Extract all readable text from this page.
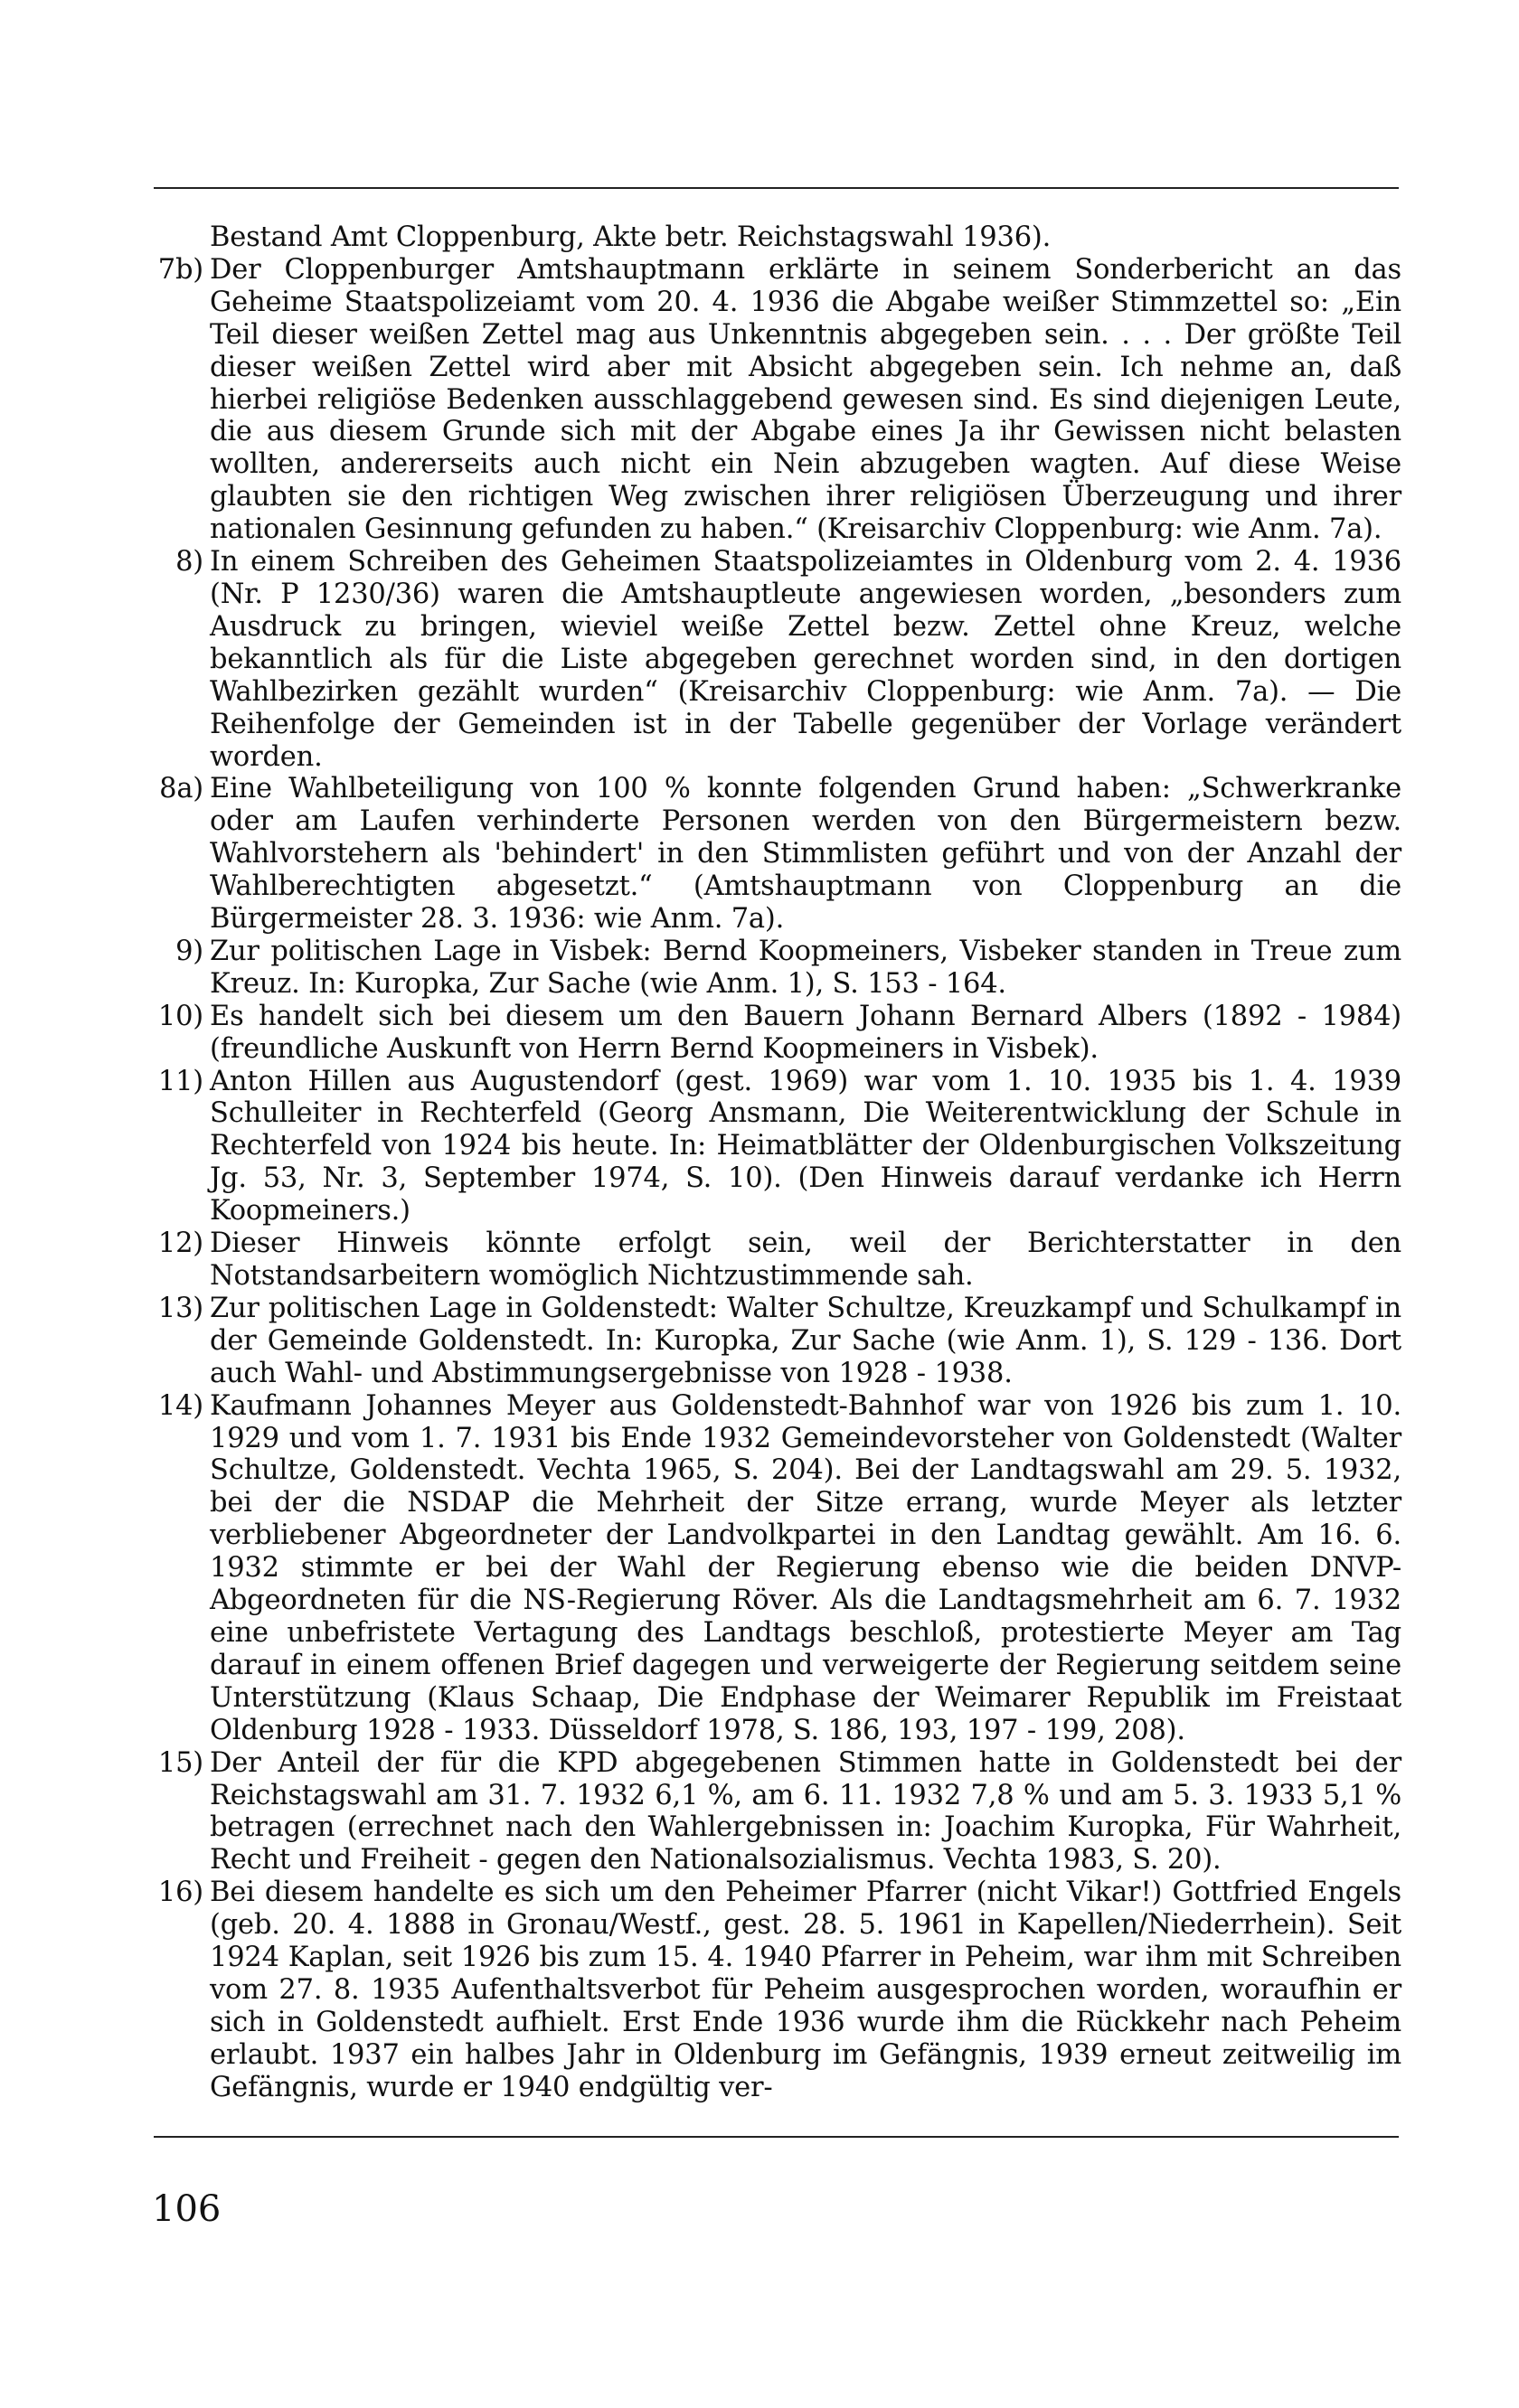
Bestand Amt Cloppenburg, Akte betr. Reichstagswahl 1936).
7b) Der Cloppenburger Amtshauptmann erklärte in seinem Sonderbericht an das Geheime Staatspolizeiamt vom 20. 4. 1936 die Abgabe weißer Stimmzettel so: „Ein Teil dieser weißen Zettel mag aus Unkenntnis abgegeben sein. . . . Der größte Teil dieser weißen Zettel wird aber mit Absicht abgegeben sein. Ich nehme an, daß hierbei religiöse Bedenken ausschlaggebend gewesen sind. Es sind diejenigen Leute, die aus diesem Grunde sich mit der Abgabe eines Ja ihr Gewissen nicht belasten wollten, andererseits auch nicht ein Nein abzugeben wagten. Auf diese Weise glaubten sie den richtigen Weg zwischen ihrer religiösen Überzeugung und ihrer nationalen Gesinnung gefunden zu haben.“ (Kreisarchiv Cloppenburg: wie Anm. 7a).
8) In einem Schreiben des Geheimen Staatspolizeiamtes in Oldenburg vom 2. 4. 1936 (Nr. P 1230/36) waren die Amtshauptleute angewiesen worden, „besonders zum Ausdruck zu bringen, wieviel weiße Zettel bezw. Zettel ohne Kreuz, welche bekanntlich als für die Liste abgegeben gerechnet worden sind, in den dortigen Wahlbezirken gezählt wurden“ (Kreisarchiv Cloppenburg: wie Anm. 7a). — Die Reihenfolge der Gemeinden ist in der Tabelle gegenüber der Vorlage verändert worden.
8a) Eine Wahlbeteiligung von 100 % konnte folgenden Grund haben: „Schwerkranke oder am Laufen verhinderte Personen werden von den Bürgermeistern bezw. Wahlvorstehern als 'behindert' in den Stimmlisten geführt und von der Anzahl der Wahlberechtigten abgesetzt.“ (Amtshauptmann von Cloppenburg an die Bürgermeister 28. 3. 1936: wie Anm. 7a).
9) Zur politischen Lage in Visbek: Bernd Koopmeiners, Visbeker standen in Treue zum Kreuz. In: Kuropka, Zur Sache (wie Anm. 1), S. 153 - 164.
10) Es handelt sich bei diesem um den Bauern Johann Bernard Albers (1892 - 1984) (freundliche Auskunft von Herrn Bernd Koopmeiners in Visbek).
11) Anton Hillen aus Augustendorf (gest. 1969) war vom 1. 10. 1935 bis 1. 4. 1939 Schulleiter in Rechterfeld (Georg Ansmann, Die Weiterentwicklung der Schule in Rechterfeld von 1924 bis heute. In: Heimatblätter der Oldenburgischen Volkszeitung Jg. 53, Nr. 3, September 1974, S. 10). (Den Hinweis darauf verdanke ich Herrn Koopmeiners.)
12) Dieser Hinweis könnte erfolgt sein, weil der Berichterstatter in den Notstandsarbeitern womöglich Nichtzustimmende sah.
13) Zur politischen Lage in Goldenstedt: Walter Schultze, Kreuzkampf und Schulkampf in der Gemeinde Goldenstedt. In: Kuropka, Zur Sache (wie Anm. 1), S. 129 - 136. Dort auch Wahl- und Abstimmungsergebnisse von 1928 - 1938.
14) Kaufmann Johannes Meyer aus Goldenstedt-Bahnhof war von 1926 bis zum 1. 10. 1929 und vom 1. 7. 1931 bis Ende 1932 Gemeindevorsteher von Goldenstedt (Walter Schultze, Goldenstedt. Vechta 1965, S. 204). Bei der Landtagswahl am 29. 5. 1932, bei der die NSDAP die Mehrheit der Sitze errang, wurde Meyer als letzter verbliebener Abgeordneter der Landvolkpartei in den Landtag gewählt. Am 16. 6. 1932 stimmte er bei der Wahl der Regierung ebenso wie die beiden DNVP-Abgeordneten für die NS-Regierung Röver. Als die Landtagsmehrheit am 6. 7. 1932 eine unbefristete Vertagung des Landtags beschloß, protestierte Meyer am Tag darauf in einem offenen Brief dagegen und verweigerte der Regierung seitdem seine Unterstützung (Klaus Schaap, Die Endphase der Weimarer Republik im Freistaat Oldenburg 1928 - 1933. Düsseldorf 1978, S. 186, 193, 197 - 199, 208).
15) Der Anteil der für die KPD abgegebenen Stimmen hatte in Goldenstedt bei der Reichstagswahl am 31. 7. 1932 6,1 %, am 6. 11. 1932 7,8 % und am 5. 3. 1933 5,1 % betragen (errechnet nach den Wahlergebnissen in: Joachim Kuropka, Für Wahrheit, Recht und Freiheit - gegen den Nationalsozialismus. Vechta 1983, S. 20).
16) Bei diesem handelte es sich um den Peheimer Pfarrer (nicht Vikar!) Gottfried Engels (geb. 20. 4. 1888 in Gronau/Westf., gest. 28. 5. 1961 in Kapellen/Niederrhein). Seit 1924 Kaplan, seit 1926 bis zum 15. 4. 1940 Pfarrer in Peheim, war ihm mit Schreiben vom 27. 8. 1935 Aufenthaltsverbot für Peheim ausgesprochen worden, woraufhin er sich in Goldenstedt aufhielt. Erst Ende 1936 wurde ihm die Rückkehr nach Peheim erlaubt. 1937 ein halbes Jahr in Oldenburg im Gefängnis, 1939 erneut zeitweilig im Gefängnis, wurde er 1940 endgültig ver-
106
